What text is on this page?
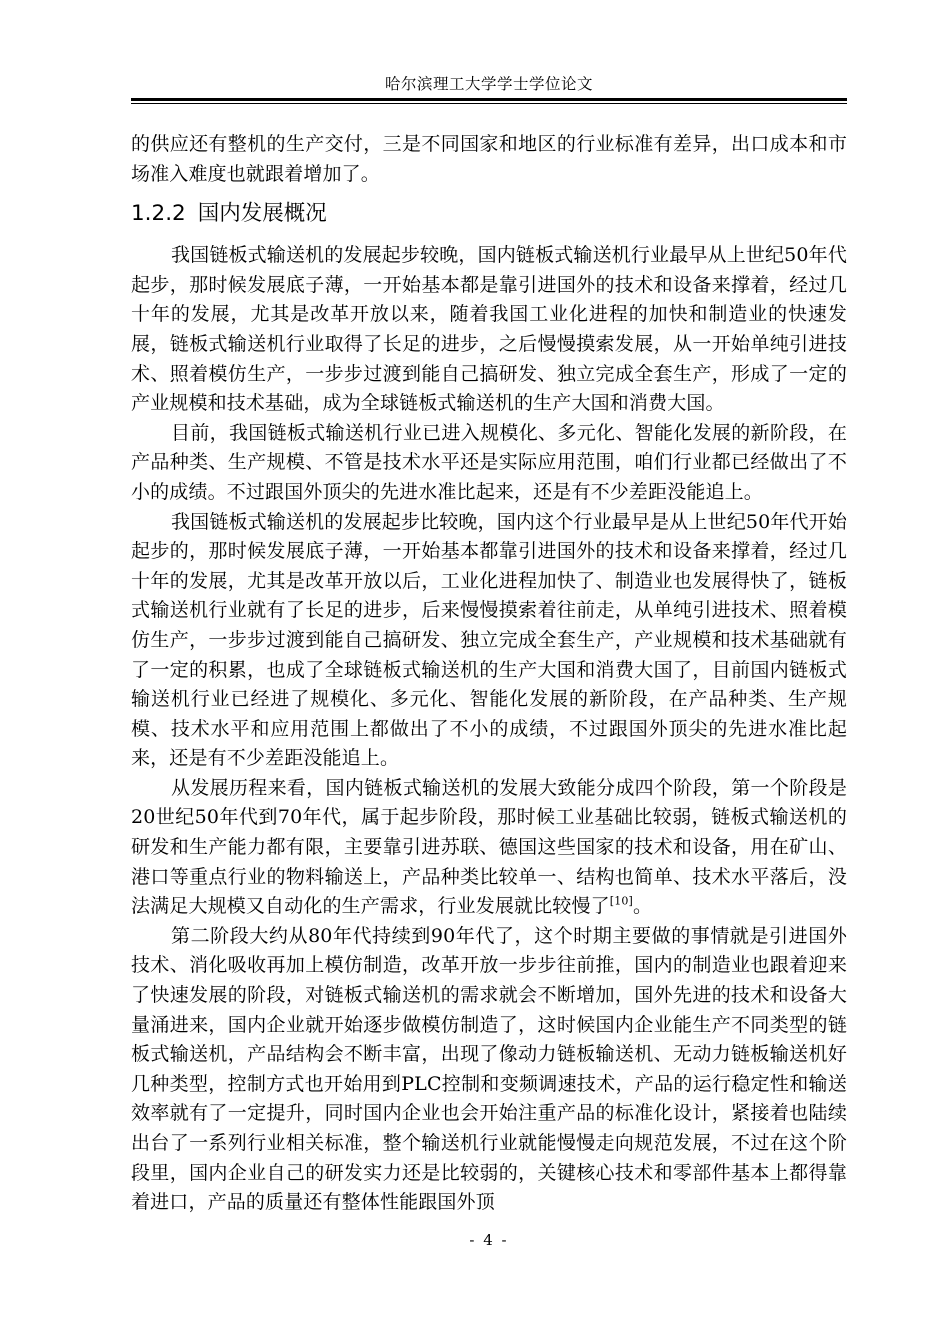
哈尔滨理工大学学士学位论文

的供应还有整机的生产交付，三是不同国家和地区的行业标准有差异，出口成本和市场准入难度也就跟着增加了。

1.2.2 国内发展概况

我国链板式输送机的发展起步较晚，国内链板式输送机行业最早从上世纪50年代起步，那时候发展底子薄，一开始基本都是靠引进国外的技术和设备来撑着，经过几十年的发展，尤其是改革开放以来，随着我国工业化进程的加快和制造业的快速发展，链板式输送机行业取得了长足的进步，之后慢慢摸索发展，从一开始单纯引进技术、照着模仿生产，一步步过渡到能自己搞研发、独立完成全套生产，形成了一定的产业规模和技术基础，成为全球链板式输送机的生产大国和消费大国。

目前，我国链板式输送机行业已进入规模化、多元化、智能化发展的新阶段，在产品种类、生产规模、不管是技术水平还是实际应用范围，咱们行业都已经做出了不小的成绩。不过跟国外顶尖的先进水准比起来，还是有不少差距没能追上。

我国链板式输送机的发展起步比较晚，国内这个行业最早是从上世纪50年代开始起步的，那时候发展底子薄，一开始基本都靠引进国外的技术和设备来撑着，经过几十年的发展，尤其是改革开放以后，工业化进程加快了、制造业也发展得快了，链板式输送机行业就有了长足的进步，后来慢慢摸索着往前走，从单纯引进技术、照着模仿生产，一步步过渡到能自己搞研发、独立完成全套生产，产业规模和技术基础就有了一定的积累，也成了全球链板式输送机的生产大国和消费大国了，目前国内链板式输送机行业已经进了规模化、多元化、智能化发展的新阶段，在产品种类、生产规模、技术水平和应用范围上都做出了不小的成绩，不过跟国外顶尖的先进水准比起来，还是有不少差距没能追上。

从发展历程来看，国内链板式输送机的发展大致能分成四个阶段，第一个阶段是20世纪50年代到70年代，属于起步阶段，那时候工业基础比较弱，链板式输送机的研发和生产能力都有限，主要靠引进苏联、德国这些国家的技术和设备，用在矿山、港口等重点行业的物料输送上，产品种类比较单一、结构也简单、技术水平落后，没法满足大规模又自动化的生产需求，行业发展就比较慢了[10]。

第二阶段大约从80年代持续到90年代了，这个时期主要做的事情就是引进国外技术、消化吸收再加上模仿制造，改革开放一步步往前推，国内的制造业也跟着迎来了快速发展的阶段，对链板式输送机的需求就会不断增加，国外先进的技术和设备大量涌进来，国内企业就开始逐步做模仿制造了，这时候国内企业能生产不同类型的链板式输送机，产品结构会不断丰富，出现了像动力链板输送机、无动力链板输送机好几种类型，控制方式也开始用到PLC控制和变频调速技术，产品的运行稳定性和输送效率就有了一定提升，同时国内企业也会开始注重产品的标准化设计，紧接着也陆续出台了一系列行业相关标准，整个输送机行业就能慢慢走向规范发展，不过在这个阶段里，国内企业自己的研发实力还是比较弱的，关键核心技术和零部件基本上都得靠着进口，产品的质量还有整体性能跟国外顶

- 4 -
